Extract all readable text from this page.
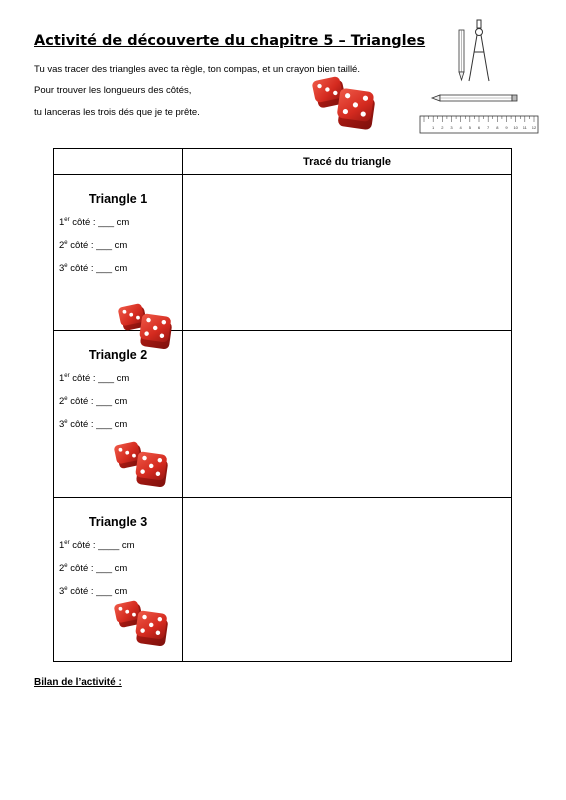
Activité de découverte du chapitre 5 – Triangles

Tu vas tracer des triangles avec ta règle, ton compas, et un crayon bien taillé.

Pour trouver les longueurs des côtés,

tu lanceras les trois dés que je te prête.

1 2 3 4 5 6 7 8 9 10 11 12
	Tracé du triangle

Triangle 1
1er côté : ___ cm
2e côté : ___ cm
3e côté : ___ cm	

Triangle 2
1er côté : ___ cm
2e côté : ___ cm
3e côté : ___ cm	

Triangle 3
1er côté : ____ cm
2e côté : ___ cm
3e côté : ___ cm	

Bilan de l’activité :
